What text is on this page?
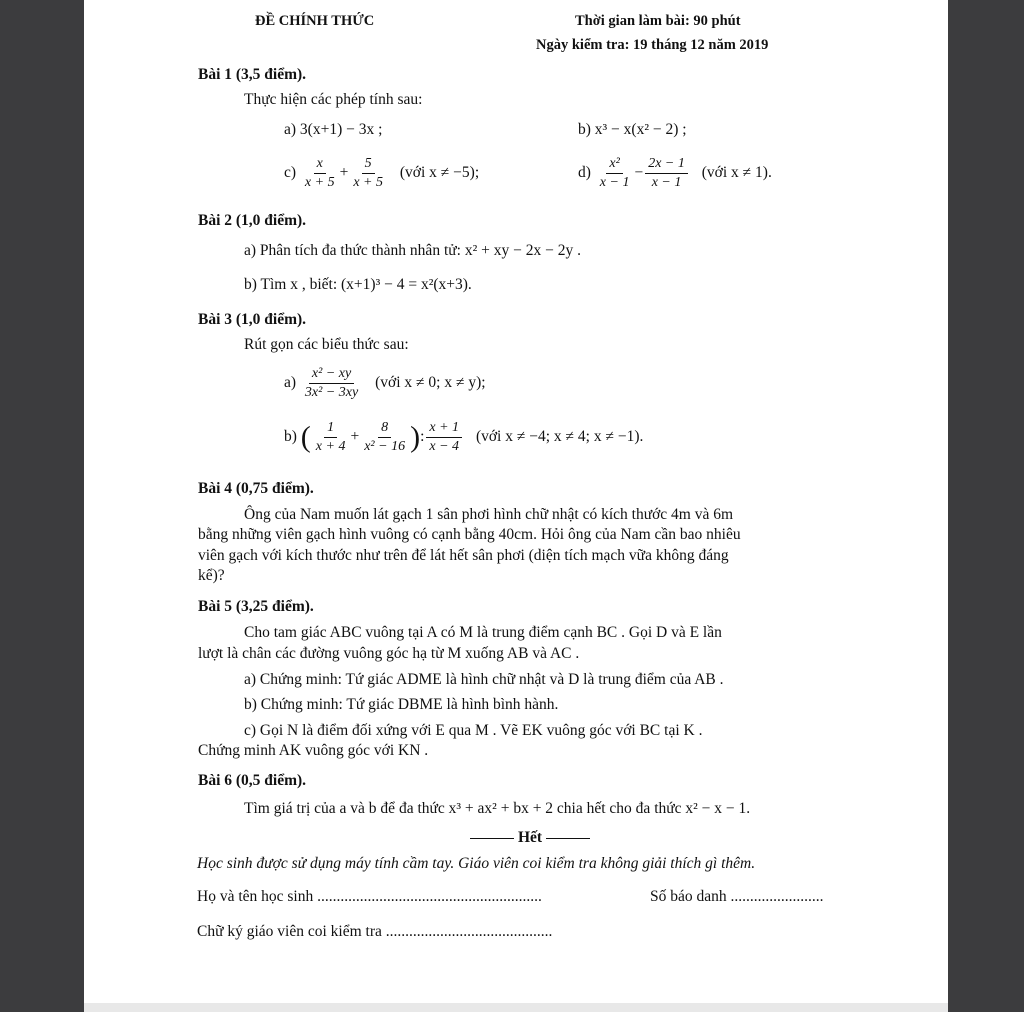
ĐỀ CHÍNH THỨC	Thời gian làm bài: 90 phút
Ngày kiểm tra: 19 tháng 12 năm 2019
Bài 1 (3,5 điểm).
Thực hiện các phép tính sau:
a) 3(x+1) − 3x ;	b) x³ − x(x² − 2) ;
$c) \frac{x}{x + 5} + \frac{5}{x + 5}$ (với x ≠ −5);	$d) \frac{\text{x²}}{x - 1} - \frac{2x - 1}{x - 1}$ (với x ≠ 1).
Bài 2 (1,0 điểm).
a) Phân tích đa thức thành nhân tử: x² + xy − 2x − 2y .
b) Tìm x , biết: (x+1)³ − 4 = x²(x+3).
Bài 3 (1,0 điểm).
Rút gọn các biểu thức sau:
$a) \frac{\text{x² − xy}}{\text{3x² − 3xy}}$ (với x ≠ 0; x ≠ y);
b) ( $\frac{1}{x + 4} + \frac{8}{\text{x² − 16}}$ ): $\frac{x + 1}{x - 4}$ (với x ≠ −4; x ≠ 4; x ≠ −1).
Bài 4 (0,75 điểm).
Ông của Nam muốn lát gạch 1 sân phơi hình chữ nhật có kích thước 4m và 6m
bằng những viên gạch hình vuông có cạnh bằng 40cm. Hỏi ông của Nam cần bao nhiêu
viên gạch với kích thước như trên để lát hết sân phơi (diện tích mạch vữa không đáng
kể)?
Bài 5 (3,25 điểm).
Cho tam giác ABC vuông tại A có M là trung điểm cạnh BC . Gọi D và E lần
lượt là chân các đường vuông góc hạ từ M xuống AB và AC .
a) Chứng minh: Tứ giác ADME là hình chữ nhật và D là trung điểm của AB .
b) Chứng minh: Tứ giác DBME là hình bình hành.
c) Gọi N là điểm đối xứng với E qua M . Vẽ EK vuông góc với BC tại K .
Chứng minh AK vuông góc với KN .
Bài 6 (0,5 điểm).
Tìm giá trị của a và b để đa thức x³ + ax² + bx + 2 chia hết cho đa thức x² − x − 1.
Hết
Học sinh được sử dụng máy tính cầm tay. Giáo viên coi kiểm tra không giải thích gì thêm.
Họ và tên học sinh ..........................................................	Số báo danh ........................
Chữ ký giáo viên coi kiểm tra ...........................................
